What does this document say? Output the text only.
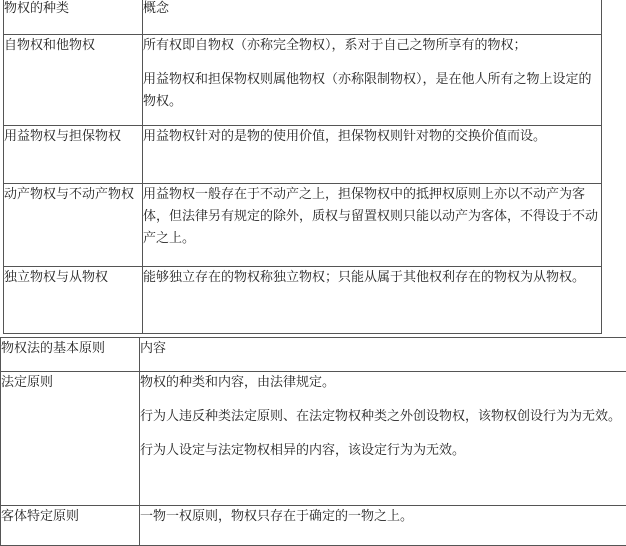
物权的种类	概念
自物权和他物权	所有权即自物权（亦称完全物权），系对于自己之物所享有的物权；

用益物权和担保物权则属他物权（亦称限制物权），是在他人所有之物上设定的物权。

用益物权与担保物权	用益物权针对的是物的使用价值，担保物权则针对物的交换价值而设。

动产物权与不动产物权	用益物权一般存在于不动产之上，担保物权中的抵押权原则上亦以不动产为客体，但法律另有规定的除外，质权与留置权则只能以动产为客体，不得设于不动产之上。

独立物权与从物权	能够独立存在的物权称独立物权；只能从属于其他权利存在的物权为从物权。

物权法的基本原则	内容
法定原则	物权的种类和内容，由法律规定。

行为人违反种类法定原则、在法定物权种类之外创设物权，该物权创设行为为无效。

行为人设定与法定物权相异的内容，该设定行为为无效。

客体特定原则	一物一权原则，物权只存在于确定的一物之上。
